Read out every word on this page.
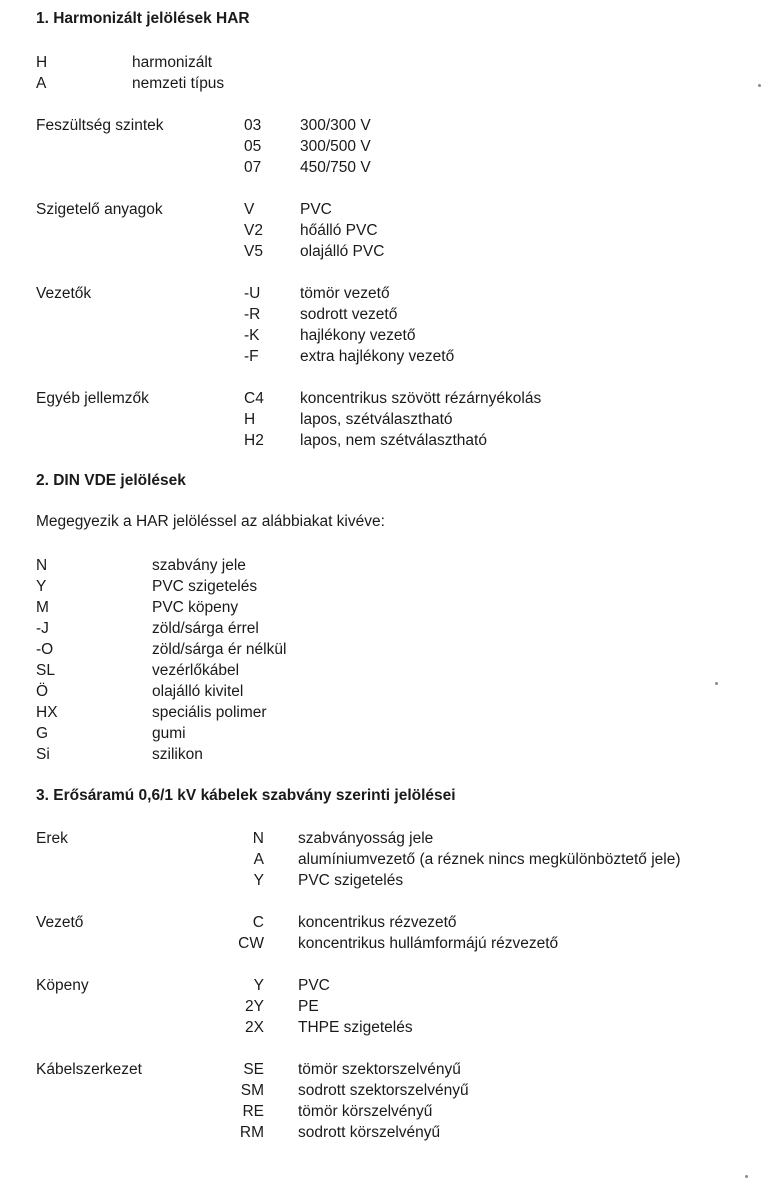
1. Harmonizált jelölések HAR
H	harmonizált
A	nemzeti típus
Feszültség szintek	03	300/300 V
05	300/500 V
07	450/750 V
Szigetelő anyagok	V	PVC
V2 hőálló PVC
V5 olajálló PVC
Vezetők	-U	tömör vezető
-R	sodrott vezető
-K	hajlékony vezető
-F	extra hajlékony vezető
Egyéb jellemzők	C4 koncentrikus szövött rézárnyékolás
H	lapos, szétválasztható
H2 lapos, nem szétválasztható
2. DIN VDE jelölések
Megegyezik a HAR jelöléssel az alábbiakat kivéve:
N	szabvány jele
Y	PVC szigetelés
M	PVC köpeny
-J	zöld/sárga érrel
-O	zöld/sárga ér nélkül
SL	vezérlőkábel
Ö	olajálló kivitel
HX	speciális polimer
G	gumi
Si	szilikon
3. Erősáramú 0,6/1 kV kábelek szabvány szerinti jelölései
Erek	N szabványosság jele
A alumíniumvezető (a réznek nincs megkülönböztető jele)
Y PVC szigetelés
Vezető	C koncentrikus rézvezető
CW koncentrikus hullámformájú rézvezető
Köpeny	Y PVC
2Y PE
2X THPE szigetelés
Kábelszerkezet	SE tömör szektorszelvényű
SM sodrott szektorszelvényű
RE tömör körszelvényű
RM sodrott körszelvényű
